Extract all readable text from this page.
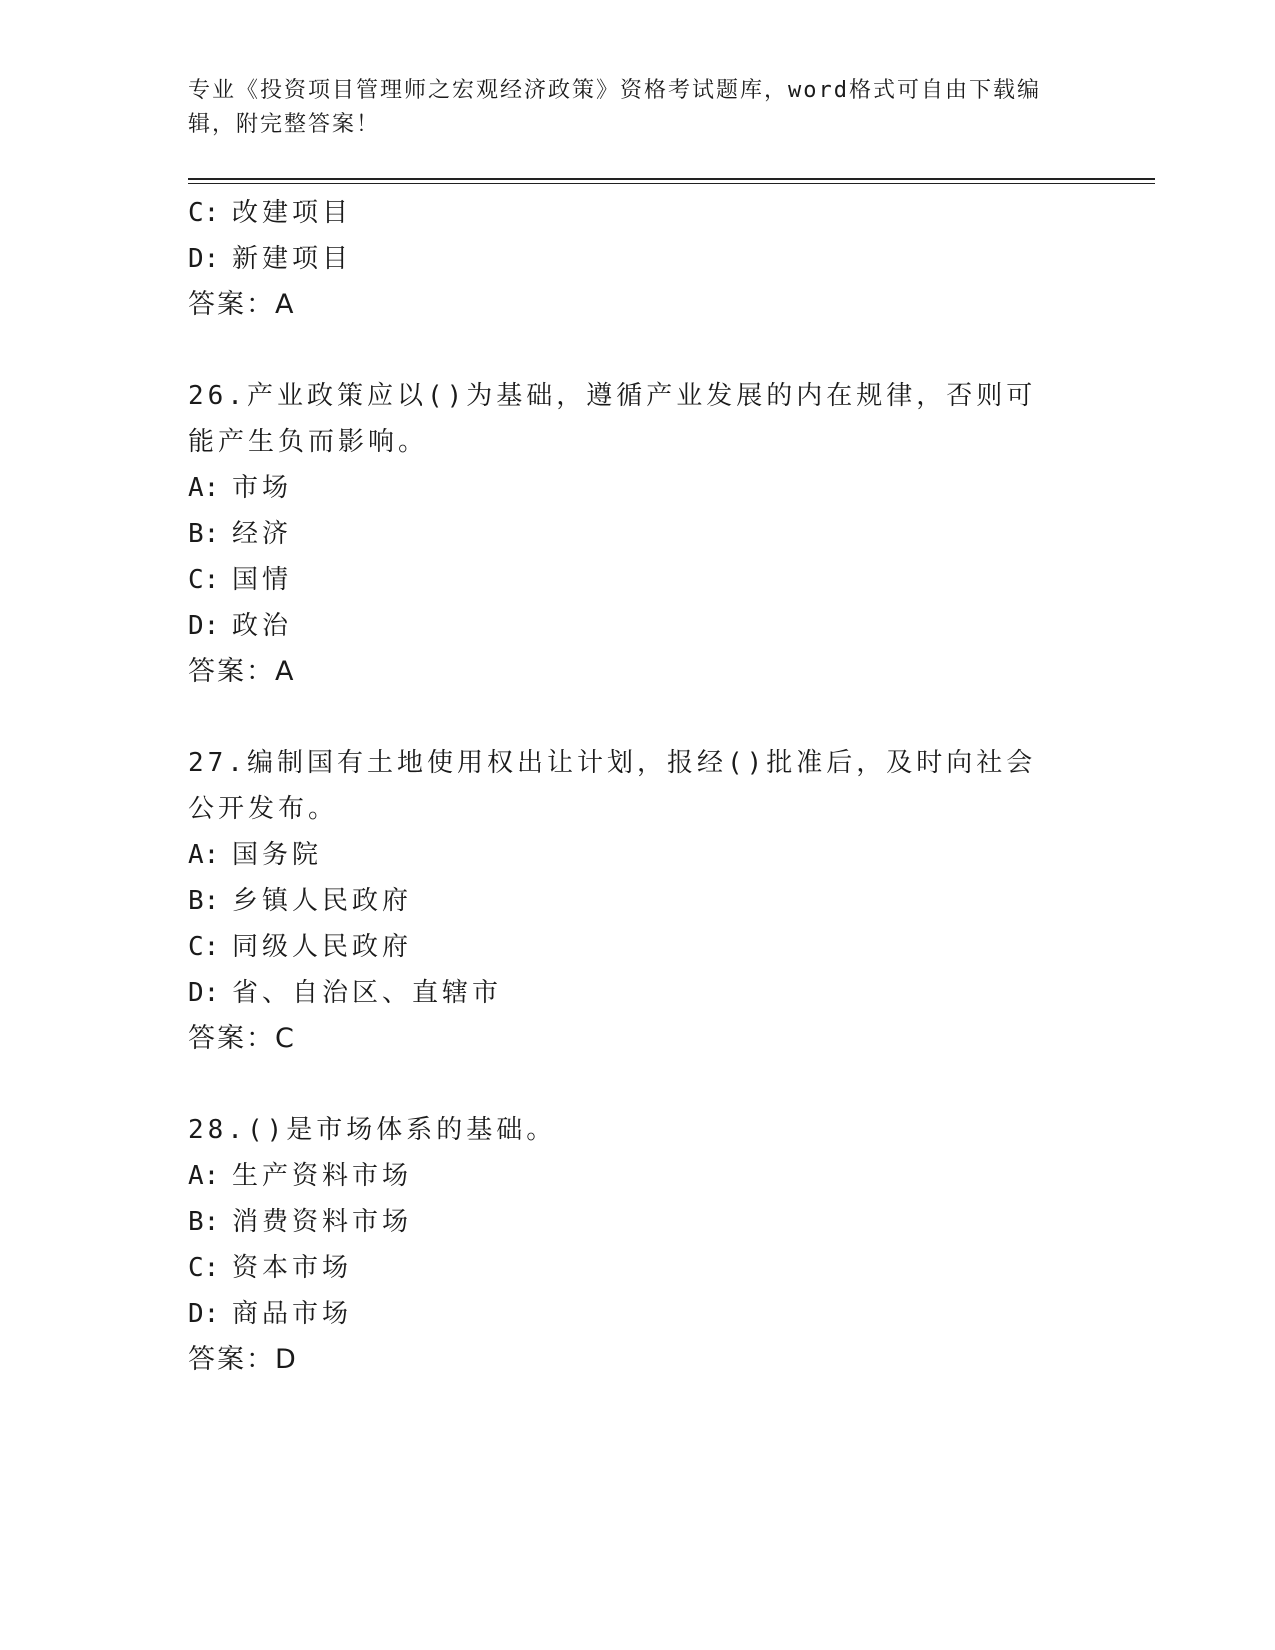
专业《投资项目管理师之宏观经济政策》资格考试题库，word格式可自由下载编辑，附完整答案！
C: 改建项目
D: 新建项目
答案：A
26.产业政策应以()为基础，遵循产业发展的内在规律，否则可能产生负而影响。
A: 市场
B: 经济
C: 国情
D: 政治
答案：A
27.编制国有土地使用权出让计划，报经()批准后，及时向社会公开发布。
A: 国务院
B: 乡镇人民政府
C: 同级人民政府
D: 省、自治区、直辖市
答案：C
28.()是市场体系的基础。
A: 生产资料市场
B: 消费资料市场
C: 资本市场
D: 商品市场
答案：D
